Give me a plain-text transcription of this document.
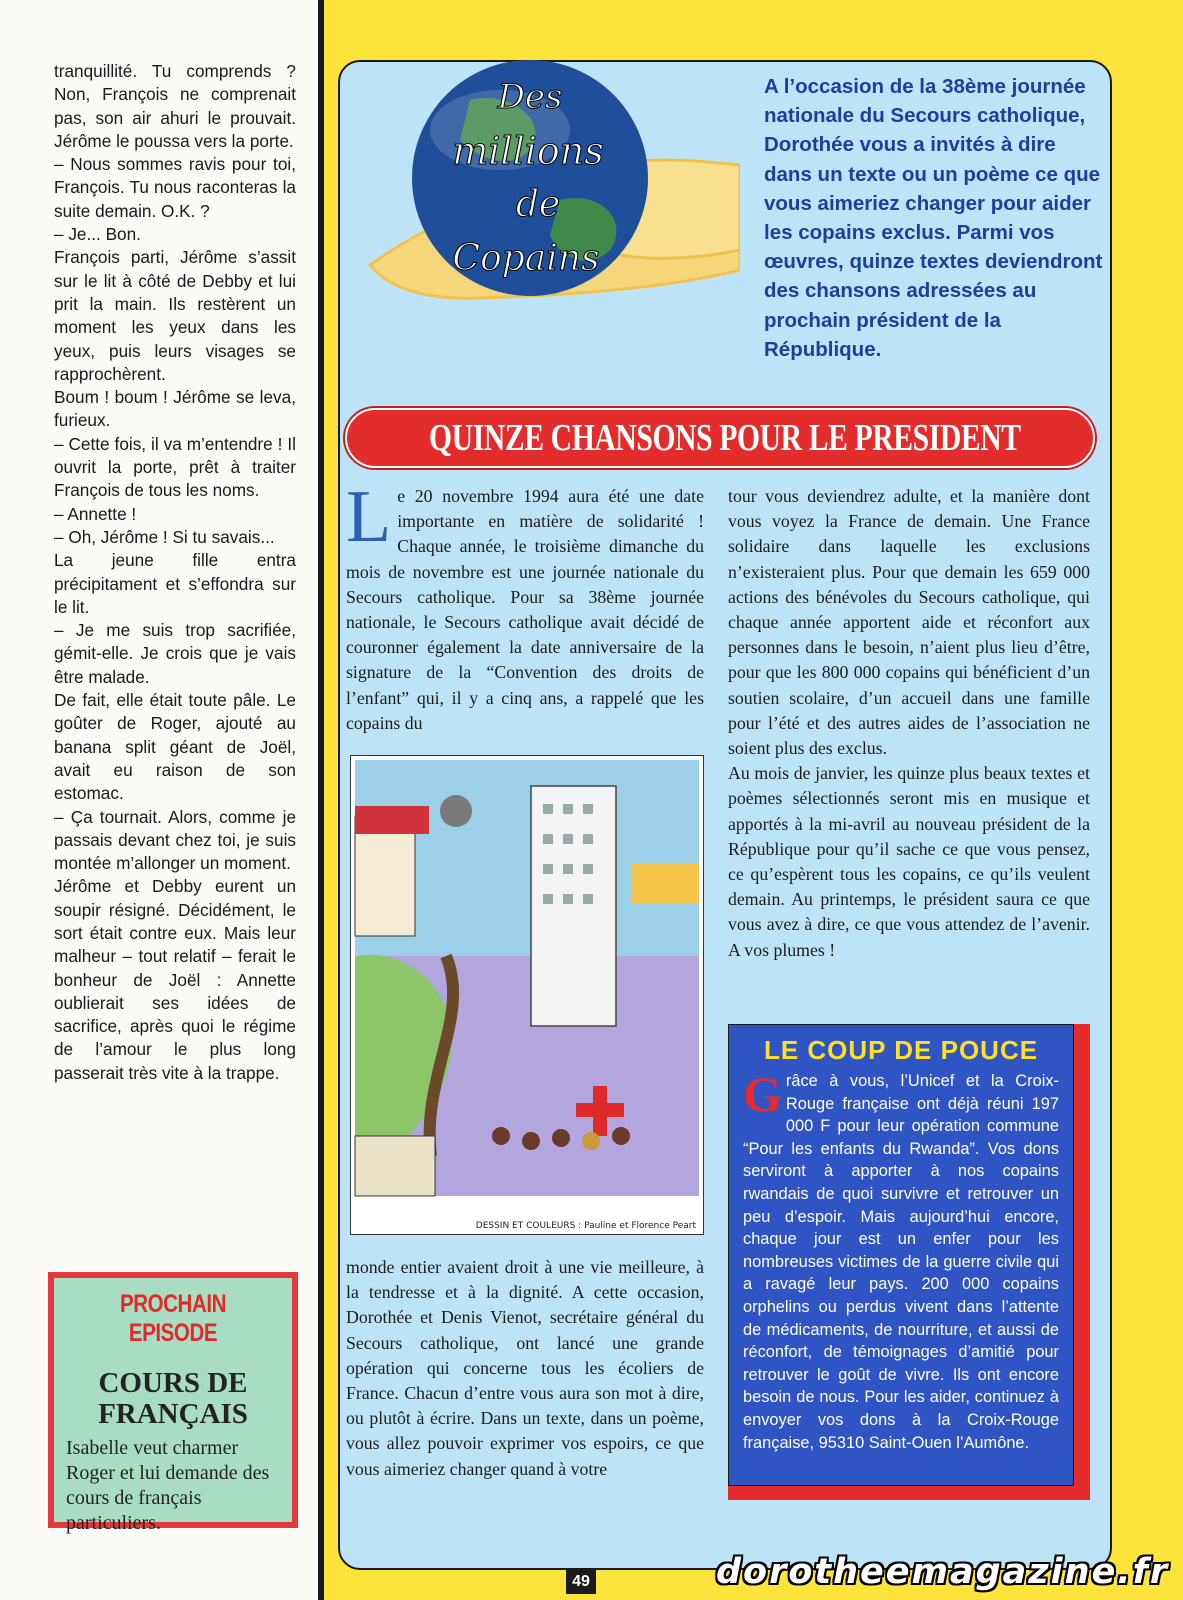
tranquillité. Tu comprends ? Non, François ne comprenait pas, son air ahuri le prouvait. Jérôme le poussa vers la porte.

– Nous sommes ravis pour toi, François. Tu nous raconteras la suite demain. O.K. ?

– Je... Bon.

François parti, Jérôme s’assit sur le lit à côté de Debby et lui prit la main. Ils restèrent un moment les yeux dans les yeux, puis leurs visages se rapprochèrent.

Boum ! boum ! Jérôme se leva, furieux.

– Cette fois, il va m’entendre ! Il ouvrit la porte, prêt à traiter François de tous les noms.

– Annette !

– Oh, Jérôme ! Si tu savais...

La jeune fille entra précipitament et s’effondra sur le lit.

– Je me suis trop sacrifiée, gémit-elle. Je crois que je vais être malade.

De fait, elle était toute pâle. Le goûter de Roger, ajouté au banana split géant de Joël, avait eu raison de son estomac.

– Ça tournait. Alors, comme je passais devant chez toi, je suis montée m’allonger un moment.

Jérôme et Debby eurent un soupir résigné. Décidément, le sort était contre eux. Mais leur malheur – tout relatif – ferait le bonheur de Joël : Annette oublierait ses idées de sacrifice, après quoi le régime de l’amour le plus long passerait très vite à la trappe.

PROCHAIN EPISODE
COURS DE FRANÇAIS
Isabelle veut charmer Roger et lui demande des cours de français particuliers.
Des
millions
de
Copains
A l’occasion de la 38ème journée nationale du Secours catholique, Dorothée vous a invités à dire dans un texte ou un poème ce que vous aimeriez changer pour aider les copains exclus. Parmi vos œuvres, quinze textes deviendront des chansons adressées au prochain président de la République.
QUINZE CHANSONS POUR LE PRESIDENT

Le 20 novembre 1994 aura été une date importante en matière de solidarité ! Chaque année, le troisième dimanche du mois de novembre est une journée nationale du Secours catholique. Pour sa 38ème journée nationale, le Secours catholique avait décidé de couronner également la date anniversaire de la signature de la “Convention des droits de l’enfant” qui, il y a cinq ans, a rappelé que les copains du

DESSIN ET COULEURS : Pauline et Florence Peart

monde entier avaient droit à une vie meilleure, à la tendresse et à la dignité. A cette occasion, Dorothée et Denis Vienot, secrétaire général du Secours catholique, ont lancé une grande opération qui concerne tous les écoliers de France. Chacun d’entre vous aura son mot à dire, ou plutôt à écrire. Dans un texte, dans un poème, vous allez pouvoir exprimer vos espoirs, ce que vous aimeriez changer quand à votre

tour vous deviendrez adulte, et la manière dont vous voyez la France de demain. Une France solidaire dans laquelle les exclusions n’existeraient plus. Pour que demain les 659 000 actions des bénévoles du Secours catholique, qui chaque année apportent aide et réconfort aux personnes dans le besoin, n’aient plus lieu d’être, pour que les 800 000 copains qui bénéficient d’un soutien scolaire, d’un accueil dans une famille pour l’été et des autres aides de l’association ne soient plus des exclus.

Au mois de janvier, les quinze plus beaux textes et poèmes sélectionnés seront mis en musique et apportés à la mi-avril au nouveau président de la République pour qu’il sache ce que vous pensez, ce qu’espèrent tous les copains, ce qu’ils veulent demain. Au printemps, le président saura ce que vous avez à dire, ce que vous attendez de l’avenir. A vos plumes !

LE COUP DE POUCE
Grâce à vous, l’Unicef et la Croix-Rouge française ont déjà réuni 197 000 F pour leur opération commune “Pour les enfants du Rwanda”. Vos dons serviront à apporter à nos copains rwandais de quoi survivre et retrouver un peu d’espoir. Mais aujourd’hui encore, chaque jour est un enfer pour les nombreuses victimes de la guerre civile qui a ravagé leur pays. 200 000 copains orphelins ou perdus vivent dans l’attente de médicaments, de nourriture, et aussi de réconfort, de témoignages d’amitié pour retrouver le goût de vivre. Ils ont encore besoin de nous. Pour les aider, continuez à envoyer vos dons à la Croix-Rouge française, 95310 Saint-Ouen l’Aumône.
49	dorotheemagazine.fr
